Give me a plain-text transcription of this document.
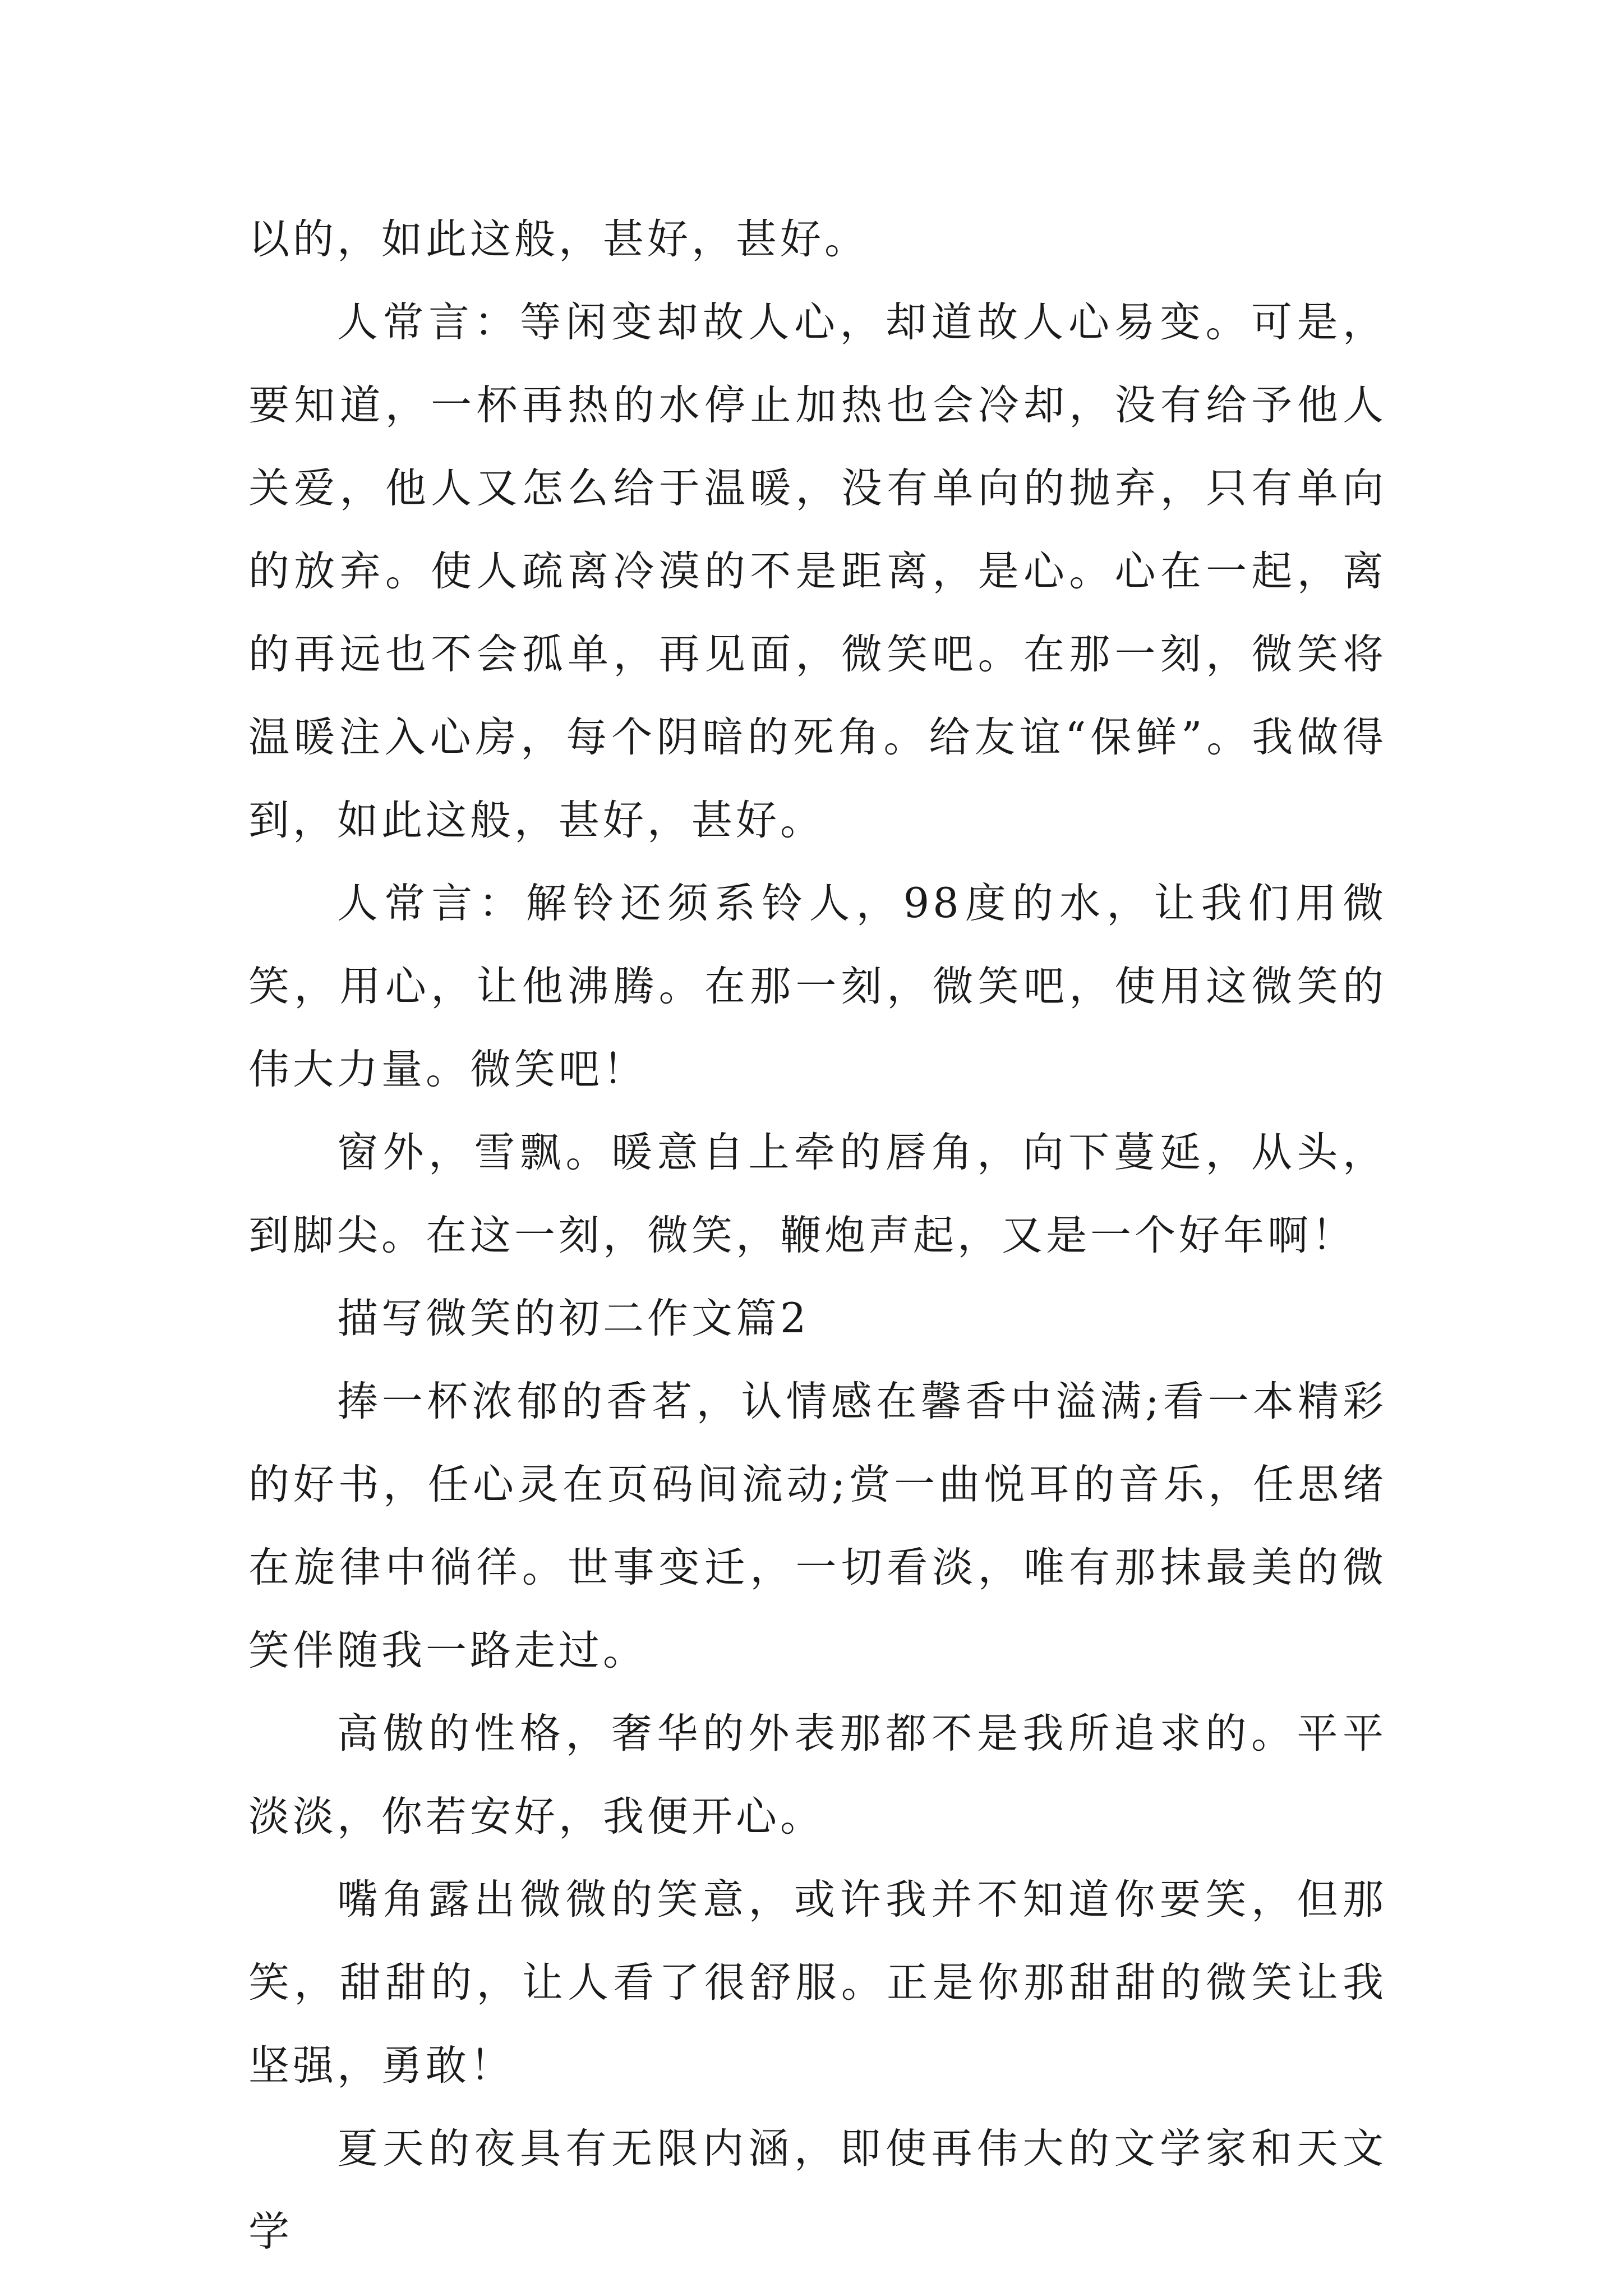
以的，如此这般，甚好，甚好。

人常言：等闲变却故人心，却道故人心易变。可是，要知道，一杯再热的水停止加热也会冷却，没有给予他人关爱，他人又怎么给于温暖，没有单向的抛弃，只有单向的放弃。使人疏离冷漠的不是距离，是心。心在一起，离的再远也不会孤单，再见面，微笑吧。在那一刻，微笑将温暖注入心房，每个阴暗的死角。给友谊“保鲜”。我做得到，如此这般，甚好，甚好。

人常言：解铃还须系铃人，98度的水，让我们用微笑，用心，让他沸腾。在那一刻，微笑吧，使用这微笑的伟大力量。微笑吧！

窗外，雪飘。暖意自上牵的唇角，向下蔓延，从头，到脚尖。在这一刻，微笑，鞭炮声起，又是一个好年啊！

描写微笑的初二作文篇2

捧一杯浓郁的香茗，认情感在馨香中溢满;看一本精彩的好书，任心灵在页码间流动;赏一曲悦耳的音乐，任思绪在旋律中徜徉。世事变迁，一切看淡，唯有那抹最美的微笑伴随我一路走过。

高傲的性格，奢华的外表那都不是我所追求的。平平淡淡，你若安好，我便开心。

嘴角露出微微的笑意，或许我并不知道你要笑，但那笑，甜甜的，让人看了很舒服。正是你那甜甜的微笑让我坚强，勇敢！

夏天的夜具有无限内涵，即使再伟大的文学家和天文学
